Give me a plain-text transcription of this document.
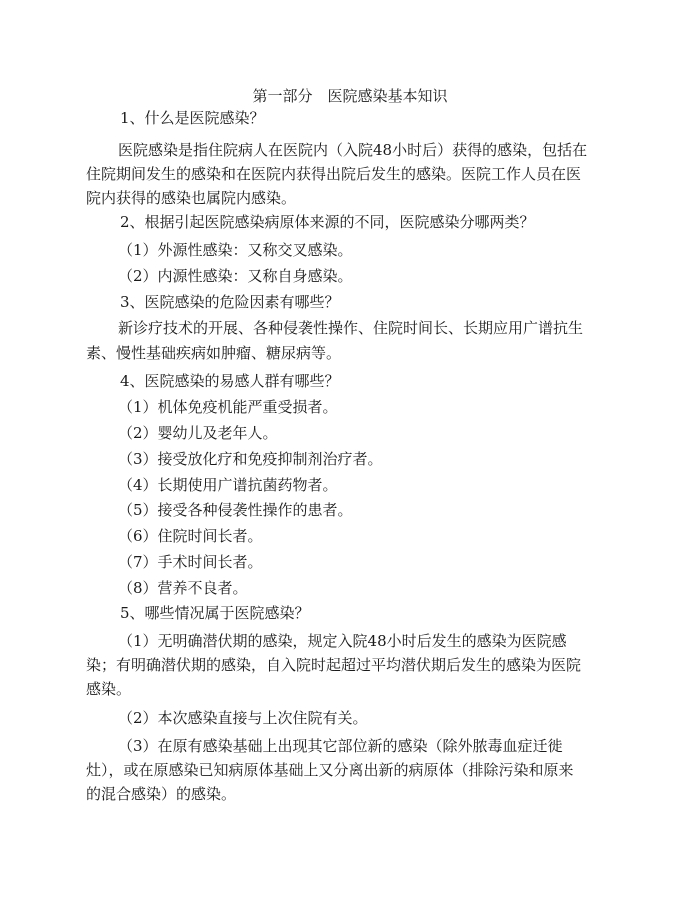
第一部分　医院感染基本知识
1、什么是医院感染？
医院感染是指住院病人在医院内（入院48小时后）获得的感染，包括在
住院期间发生的感染和在医院内获得出院后发生的感染。医院工作人员在医
院内获得的感染也属院内感染。
2、根据引起医院感染病原体来源的不同，医院感染分哪两类？
（1）外源性感染：又称交叉感染。
（2）内源性感染：又称自身感染。
3、医院感染的危险因素有哪些？
新诊疗技术的开展、各种侵袭性操作、住院时间长、长期应用广谱抗生
素、慢性基础疾病如肿瘤、糖尿病等。
4、医院感染的易感人群有哪些？
（1）机体免疫机能严重受损者。
（2）婴幼儿及老年人。
（3）接受放化疗和免疫抑制剂治疗者。
（4）长期使用广谱抗菌药物者。
（5）接受各种侵袭性操作的患者。
（6）住院时间长者。
（7）手术时间长者。
（8）营养不良者。
5、哪些情况属于医院感染？
（1）无明确潜伏期的感染，规定入院48小时后发生的感染为医院感
染；有明确潜伏期的感染，自入院时起超过平均潜伏期后发生的感染为医院
感染。
（2）本次感染直接与上次住院有关。
（3）在原有感染基础上出现其它部位新的感染（除外脓毒血症迁徙
灶），或在原感染已知病原体基础上又分离出新的病原体（排除污染和原来
的混合感染）的感染。
